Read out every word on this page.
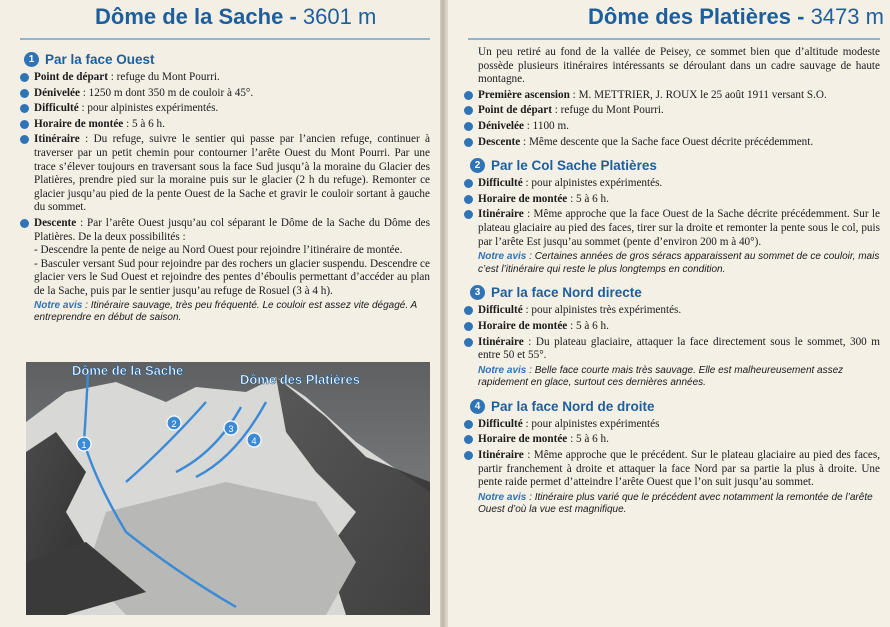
Dôme de la Sache - 3601 m
1 Par la face Ouest
Point de départ : refuge du Mont Pourri.
Dénivelée : 1250 m dont 350 m de couloir à 45°.
Difficulté : pour alpinistes expérimentés.
Horaire de montée : 5 à 6 h.
Itinéraire : Du refuge, suivre le sentier qui passe par l’ancien refuge, continuer à traverser par un petit chemin pour contourner l’arête Ouest du Mont Pourri. Par une trace s’élever toujours en traversant sous la face Sud jusqu’à la moraine du Glacier des Platières, prendre pied sur la moraine puis sur le glacier (2 h du refuge). Remonter ce glacier jusqu’au pied de la pente Ouest de la Sache et gravir le couloir sortant à gauche du sommet.
Descente : Par l’arête Ouest jusqu’au col séparant le Dôme de la Sache du Dôme des Platières. De la deux possibilités :

- Descendre la pente de neige au Nord Ouest pour rejoindre l’itinéraire de montée.

- Basculer versant Sud pour rejoindre par des rochers un glacier suspendu. Descendre ce glacier vers le Sud Ouest et rejoindre des pentes d’éboulis permettant d’accéder au plan de la Sache, puis par le sentier jusqu’au refuge de Rosuel (3 à 4 h).

Notre avis : Itinéraire sauvage, très peu fréquenté. Le couloir est assez vite dégagé. A entreprendre en début de saison.

Dôme de la Sache
Dôme des Platières
1
2	3
4
Dôme des Platières - 3473 m

Un peu retiré au fond de la vallée de Peisey, ce sommet bien que d’altitude modeste possède plusieurs itinéraires intéressants se déroulant dans un cadre sauvage de haute montagne.

Première ascension : M. METTRIER, J. ROUX le 25 août 1911 versant S.O.
Point de départ : refuge du Mont Pourri.
Dénivelée : 1100 m.
Descente : Même descente que la Sache face Ouest décrite précédemment.
2 Par le Col Sache Platières
Difficulté : pour alpinistes expérimentés.
Horaire de montée : 5 à 6 h.
Itinéraire : Même approche que la face Ouest de la Sache décrite précédemment. Sur le plateau glaciaire au pied des faces, tirer sur la droite et remonter la pente sous le col, puis par l’arête Est jusqu’au sommet (pente d’environ 200 m à 40°).

Notre avis : Certaines années de gros séracs apparaissent au sommet de ce couloir, mais c’est l’itinéraire qui reste le plus longtemps en condition.

3 Par la face Nord directe
Difficulté : pour alpinistes très expérimentés.
Horaire de montée : 5 à 6 h.
Itinéraire : Du plateau glaciaire, attaquer la face directement sous le sommet, 300 m entre 50 et 55°.

Notre avis : Belle face courte mais très sauvage. Elle est malheureusement assez rapidement en glace, surtout ces dernières années.

4 Par la face Nord de droite
Difficulté : pour alpinistes expérimentés
Horaire de montée : 5 à 6 h.
Itinéraire : Même approche que le précédent. Sur le plateau glaciaire au pied des faces, partir franchement à droite et attaquer la face Nord par sa partie la plus à droite. Une pente raide permet d’atteindre l’arête Ouest que l’on suit jusqu’au sommet.

Notre avis : Itinéraire plus varié que le précédent avec notamment la remontée de l’arête Ouest d’où la vue est magnifique.
